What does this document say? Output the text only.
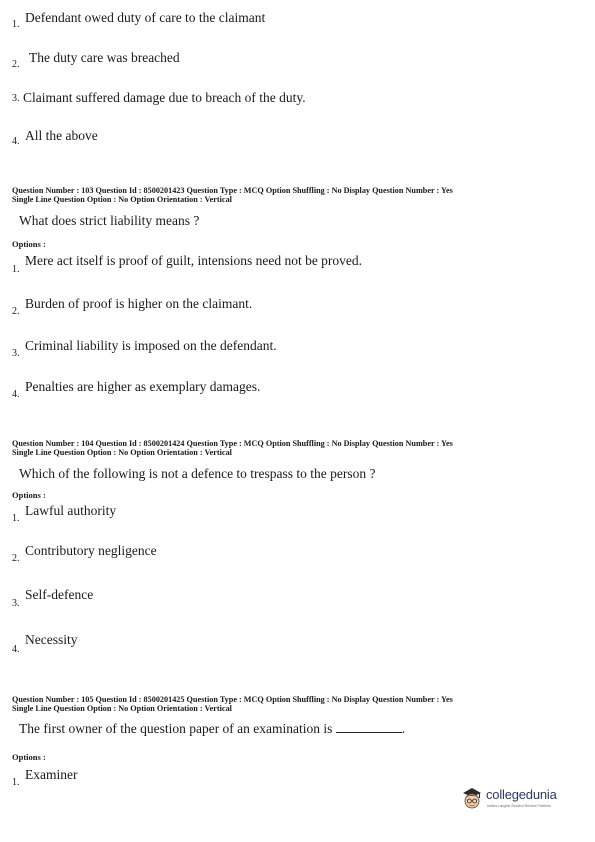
1. Defendant owed duty of care to the claimant
2. The duty care was breached
3. Claimant suffered damage due to breach of the duty.
4. All the above
Question Number : 103 Question Id : 8500201423 Question Type : MCQ Option Shuffling : No Display Question Number : Yes
Single Line Question Option : No Option Orientation : Vertical
What does strict liability means ?
Options :
1.
Mere act itself is proof of guilt, intensions need not be proved.
2.
Burden of proof is higher on the claimant.
3.
Criminal liability is imposed on the defendant.
4.
Penalties are higher as exemplary damages.
Question Number : 104 Question Id : 8500201424 Question Type : MCQ Option Shuffling : No Display Question Number : Yes
Single Line Question Option : No Option Orientation : Vertical
Which of the following is not a defence to trespass to the person ?
Options :
1.
Lawful authority
2.
Contributory negligence
3.
Self-defence
4.
Necessity
Question Number : 105 Question Id : 8500201425 Question Type : MCQ Option Shuffling : No Display Question Number : Yes
Single Line Question Option : No Option Orientation : Vertical
The first owner of the question paper of an examination is	.
Options :
1.
Examiner
collegedunia
India's Largest Student Review Platform
